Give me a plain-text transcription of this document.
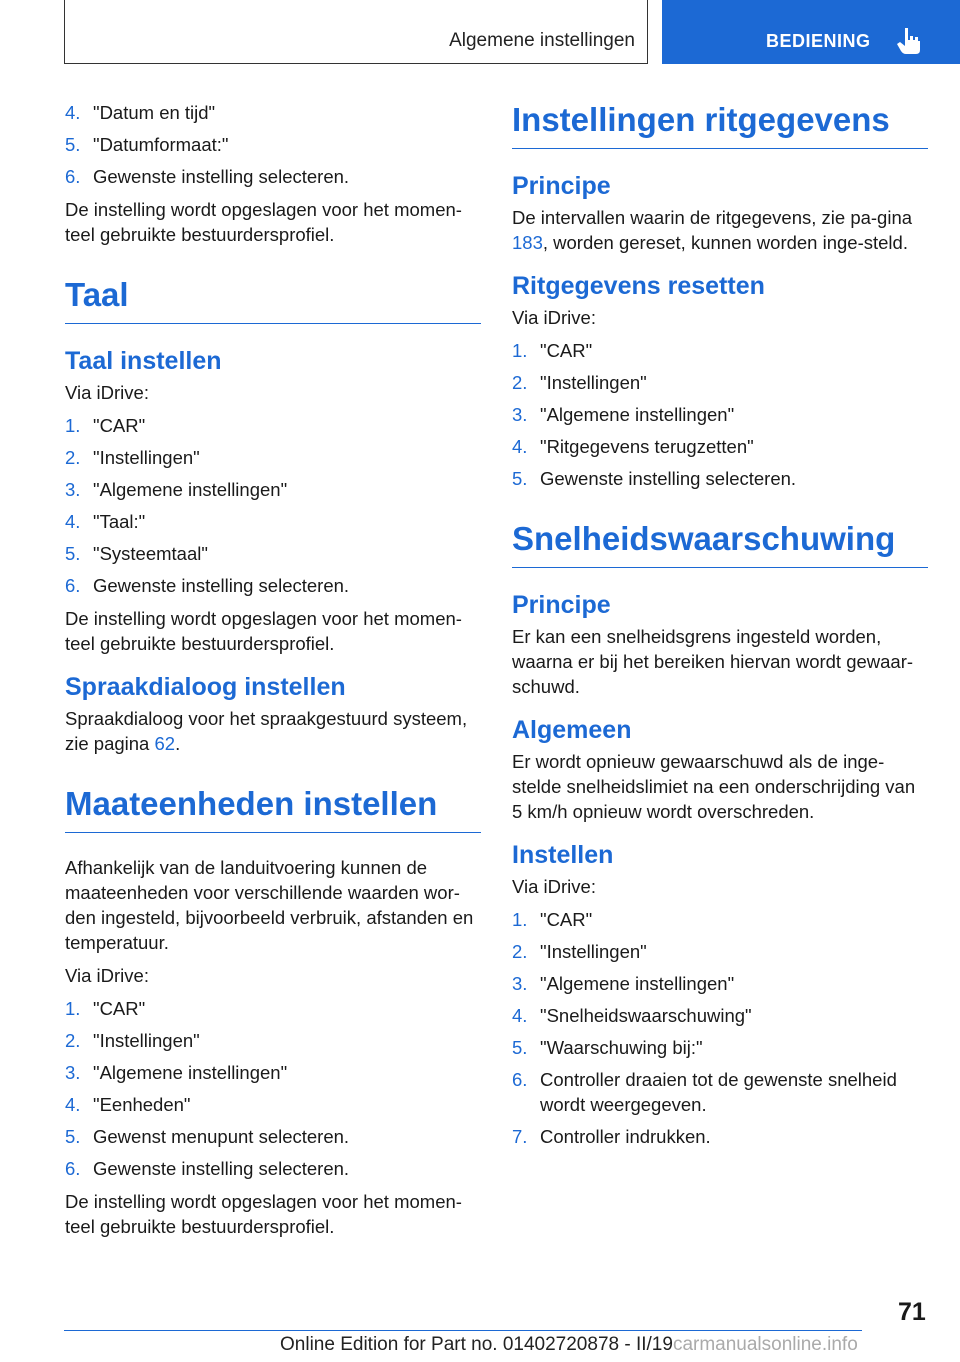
Algemene instellingen	BEDIENING
4. "Datum en tijd"
5. "Datumformaat:"
6. Gewenste instelling selecteren.

De instelling wordt opgeslagen voor het momen-teel gebruikte bestuurdersprofiel.

Taal
Taal instellen

Via iDrive:

1. "CAR"
2. "Instellingen"
3. "Algemene instellingen"
4. "Taal:"
5. "Systeemtaal"
6. Gewenste instelling selecteren.

De instelling wordt opgeslagen voor het momen-teel gebruikte bestuurdersprofiel.

Spraakdialoog instellen

Spraakdialoog voor het spraakgestuurd systeem, zie pagina 62.

Maateenheden instellen

Afhankelijk van de landuitvoering kunnen de maateenheden voor verschillende waarden wor-den ingesteld, bijvoorbeeld verbruik, afstanden en temperatuur.

Via iDrive:

1. "CAR"
2. "Instellingen"
3. "Algemene instellingen"
4. "Eenheden"
5. Gewenst menupunt selecteren.
6. Gewenste instelling selecteren.

De instelling wordt opgeslagen voor het momen-teel gebruikte bestuurdersprofiel.

Instellingen ritgegevens
Principe

De intervallen waarin de ritgegevens, zie pa-gina 183, worden gereset, kunnen worden inge-steld.

Ritgegevens resetten

Via iDrive:

1. "CAR"
2. "Instellingen"
3. "Algemene instellingen"
4. "Ritgegevens terugzetten"
5. Gewenste instelling selecteren.
Snelheidswaarschuwing
Principe

Er kan een snelheidsgrens ingesteld worden, waarna er bij het bereiken hiervan wordt gewaar-schuwd.

Algemeen

Er wordt opnieuw gewaarschuwd als de inge-stelde snelheidslimiet na een onderschrijding van 5 km/h opnieuw wordt overschreden.

Instellen

Via iDrive:

1. "CAR"
2. "Instellingen"
3. "Algemene instellingen"
4. "Snelheidswaarschuwing"
5. "Waarschuwing bij:"
6. Controller draaien tot de gewenste snelheid wordt weergegeven.
7. Controller indrukken.
71
Online Edition for Part no. 01402720878 - II/19carmanualsonline.info
